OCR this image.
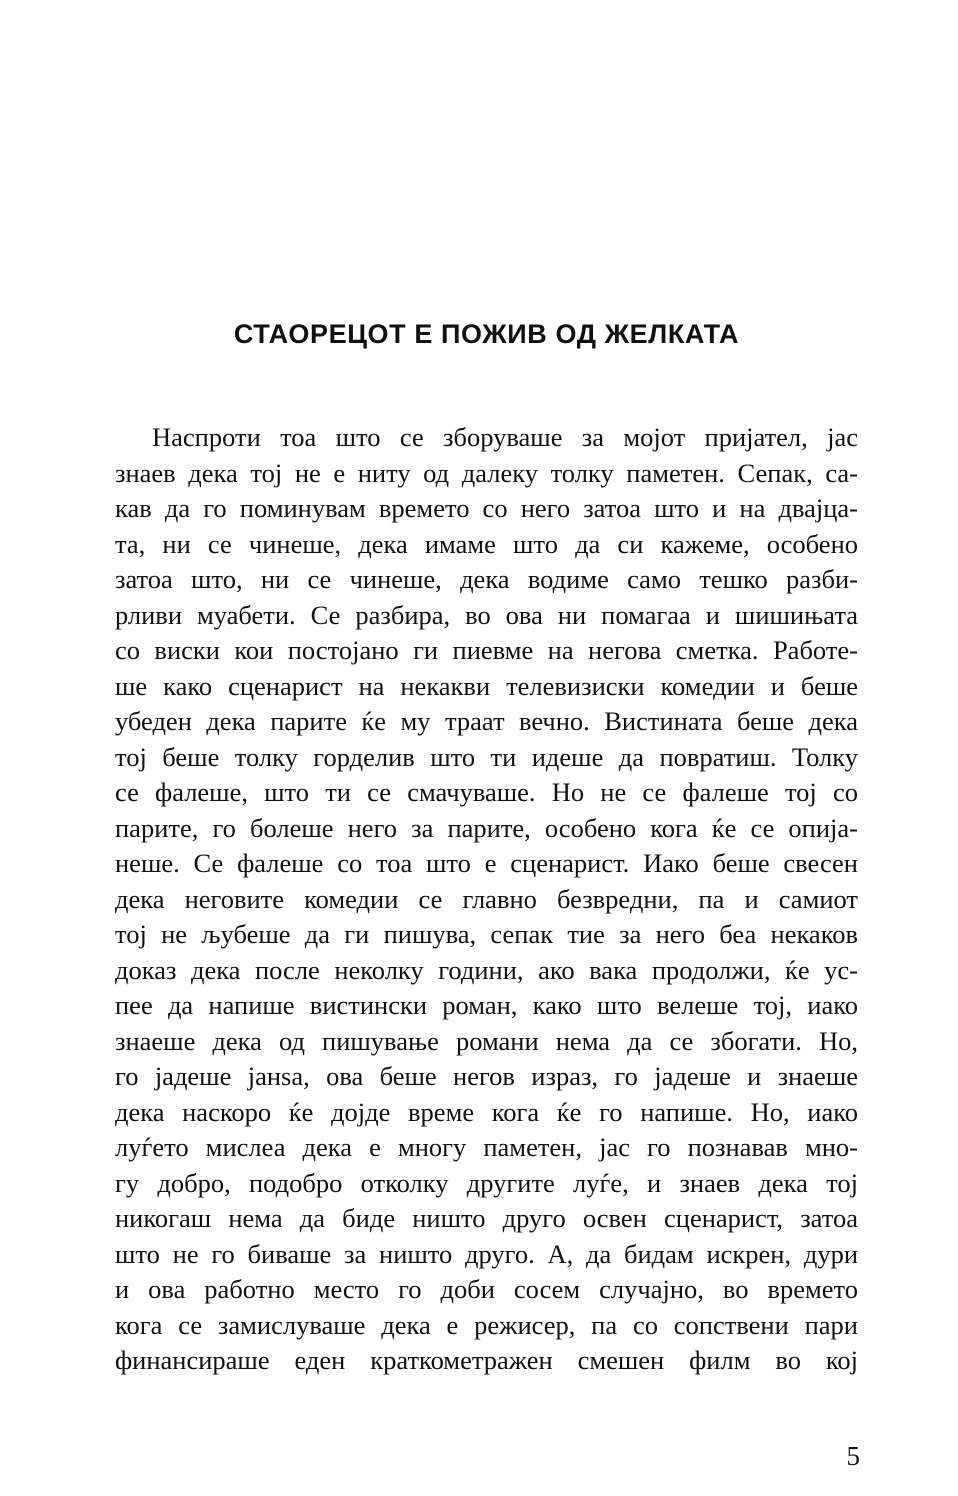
СТАОРЕЦОТ Е ПОЖИВ ОД ЖЕЛКАТА
Наспроти тоа што се зборуваше за мојот пријател, јас
знаев дека тој не е ниту од далеку толку паметен. Сепак, са-
кав да го поминувам времето со него затоа што и на двајца-
та, ни се чинеше, дека имаме што да си кажеме, особено
затоа што, ни се чинеше, дека водиме само тешко разби-
рливи муабети. Се разбира, во ова ни помагаа и шишињата
со виски кои постојано ги пиевме на негова сметка. Работе-
ше како сценарист на некакви телевизиски комедии и беше
убеден дека парите ќе му траат вечно. Вистината беше дека
тој беше толку горделив што ти идеше да повратиш. Толку
се фалеше, што ти се смачуваше. Но не се фалеше тој со
парите, го болеше него за парите, особено кога ќе се опија-
неше. Се фалеше со тоа што е сценарист. Иако беше свесен
дека неговите комедии се главно безвредни, па и самиот
тој не љубеше да ги пишува, сепак тие за него беа некаков
доказ дека после неколку години, ако вака продолжи, ќе ус-
пее да напише вистински роман, како што велеше тој, иако
знаеше дека од пишување романи нема да се збогати. Но,
го јадеше јанѕа, ова беше негов израз, го јадеше и знаеше
дека наскоро ќе дојде време кога ќе го напише. Но, иако
луѓето мислеа дека е многу паметен, јас го познавав мно-
гу добро, подобро отколку другите луѓе, и знаев дека тој
никогаш нема да биде ништо друго освен сценарист, затоа
што не го биваше за ништо друго. А, да бидам искрен, дури
и ова работно место го доби сосем случајно, во времето
кога се замислуваше дека е режисер, па со сопствени пари
финансираше еден краткометражен смешен филм во кој
5
